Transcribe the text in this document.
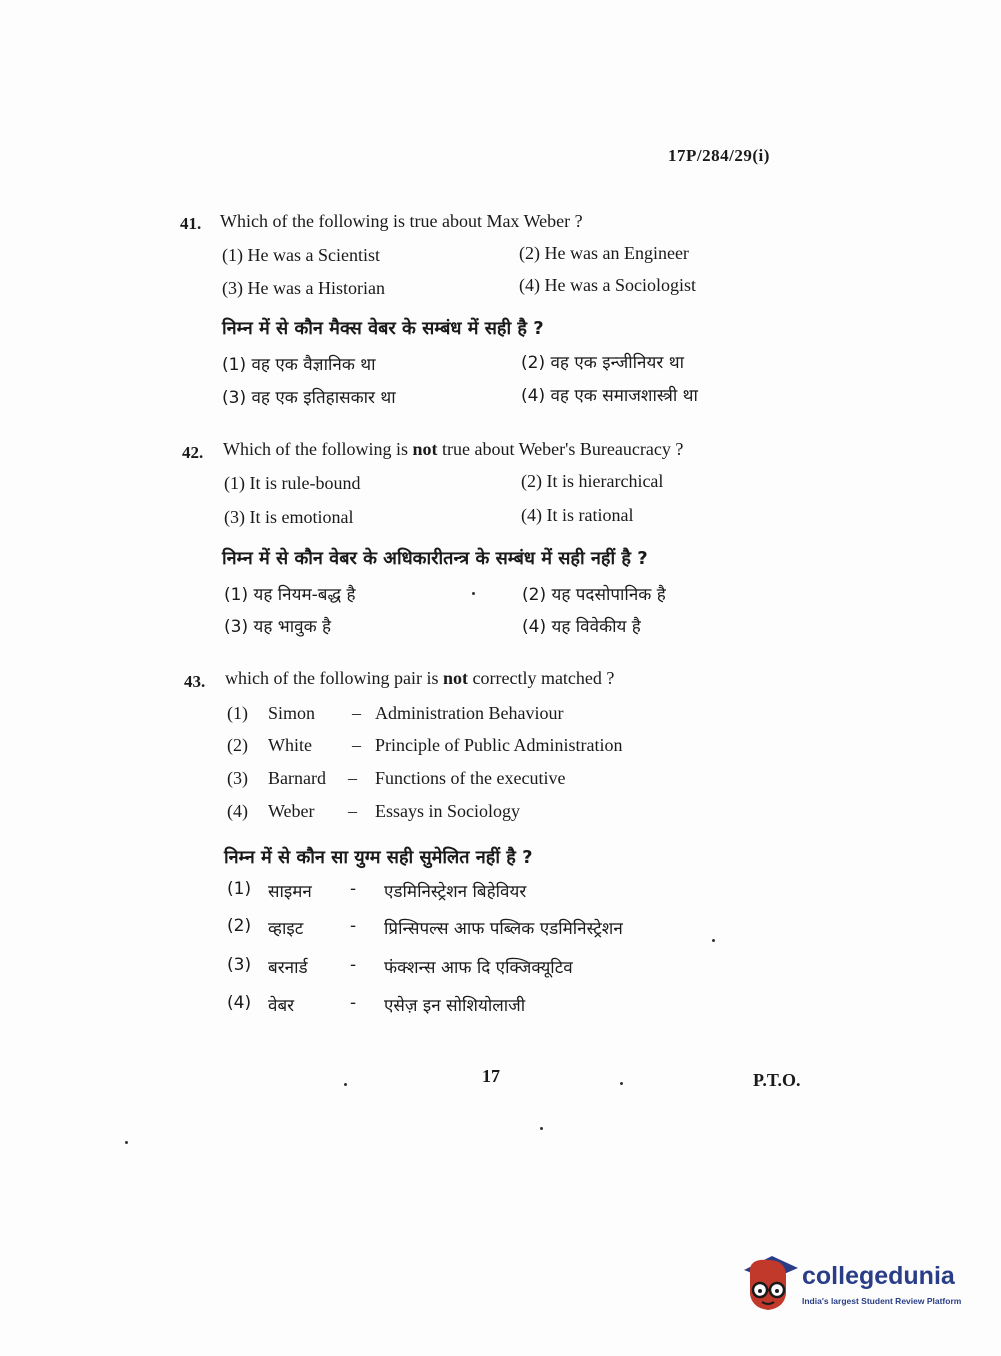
17P/284/29(i)
41. Which of the following is true about Max Weber ?
(1) He was a Scientist	(2) He was an Engineer
(3) He was a Historian	(4) He was a Sociologist
निम्न में से कौन मैक्स वेबर के सम्बंध में सही है ?
(1) वह एक वैज्ञानिक था	(2) वह एक इन्जीनियर था
(3) वह एक इतिहासकार था	(4) वह एक समाजशास्त्री था
42. Which of the following is not true about Weber's Bureaucracy ?
(1) It is rule-bound	(2) It is hierarchical
(3) It is emotional	(4) It is rational
निम्न में से कौन वेबर के अधिकारीतन्त्र के सम्बंध में सही नहीं है ?
(1) यह नियम-बद्ध है	(2) यह पदसोपानिक है
(3) यह भावुक है	(4) यह विवेकीय है
43. which of the following pair is not correctly matched ?
(1) Simon – Administration Behaviour
(2) White – Principle of Public Administration
(3) Barnard – Functions of the executive
(4) Weber – Essays in Sociology
निम्न में से कौन सा युग्म सही सुमेलित नहीं है ?
(1) साइमन - एडमिनिस्ट्रेशन बिहेवियर
(2) व्हाइट	- प्रिन्सिपल्स आफ पब्लिक एडमिनिस्ट्रेशन
(3) बरनार्ड - फंक्शन्स आफ दि एक्जिक्यूटिव
(4) वेबर	- एसेज़ इन सोशियोलाजी
17	P.T.O.
collegedunia
India's largest Student Review Platform
